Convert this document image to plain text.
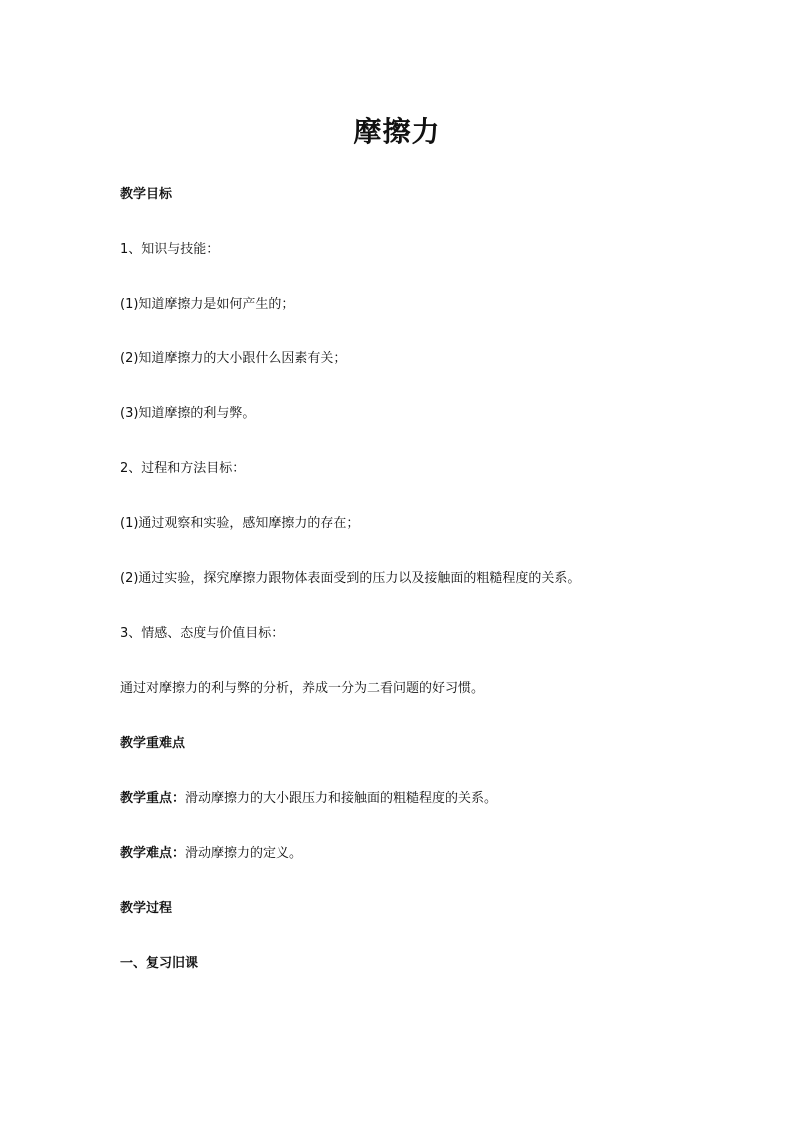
摩擦力
教学目标
1、知识与技能：
(1)知道摩擦力是如何产生的；
(2)知道摩擦力的大小跟什么因素有关；
(3)知道摩擦的利与弊。
2、过程和方法目标：
(1)通过观察和实验，感知摩擦力的存在；
(2)通过实验，探究摩擦力跟物体表面受到的压力以及接触面的粗糙程度的关系。
3、情感、态度与价值目标：
通过对摩擦力的利与弊的分析，养成一分为二看问题的好习惯。
教学重难点
教学重点：滑动摩擦力的大小跟压力和接触面的粗糙程度的关系。
教学难点：滑动摩擦力的定义。
教学过程
一、复习旧课
